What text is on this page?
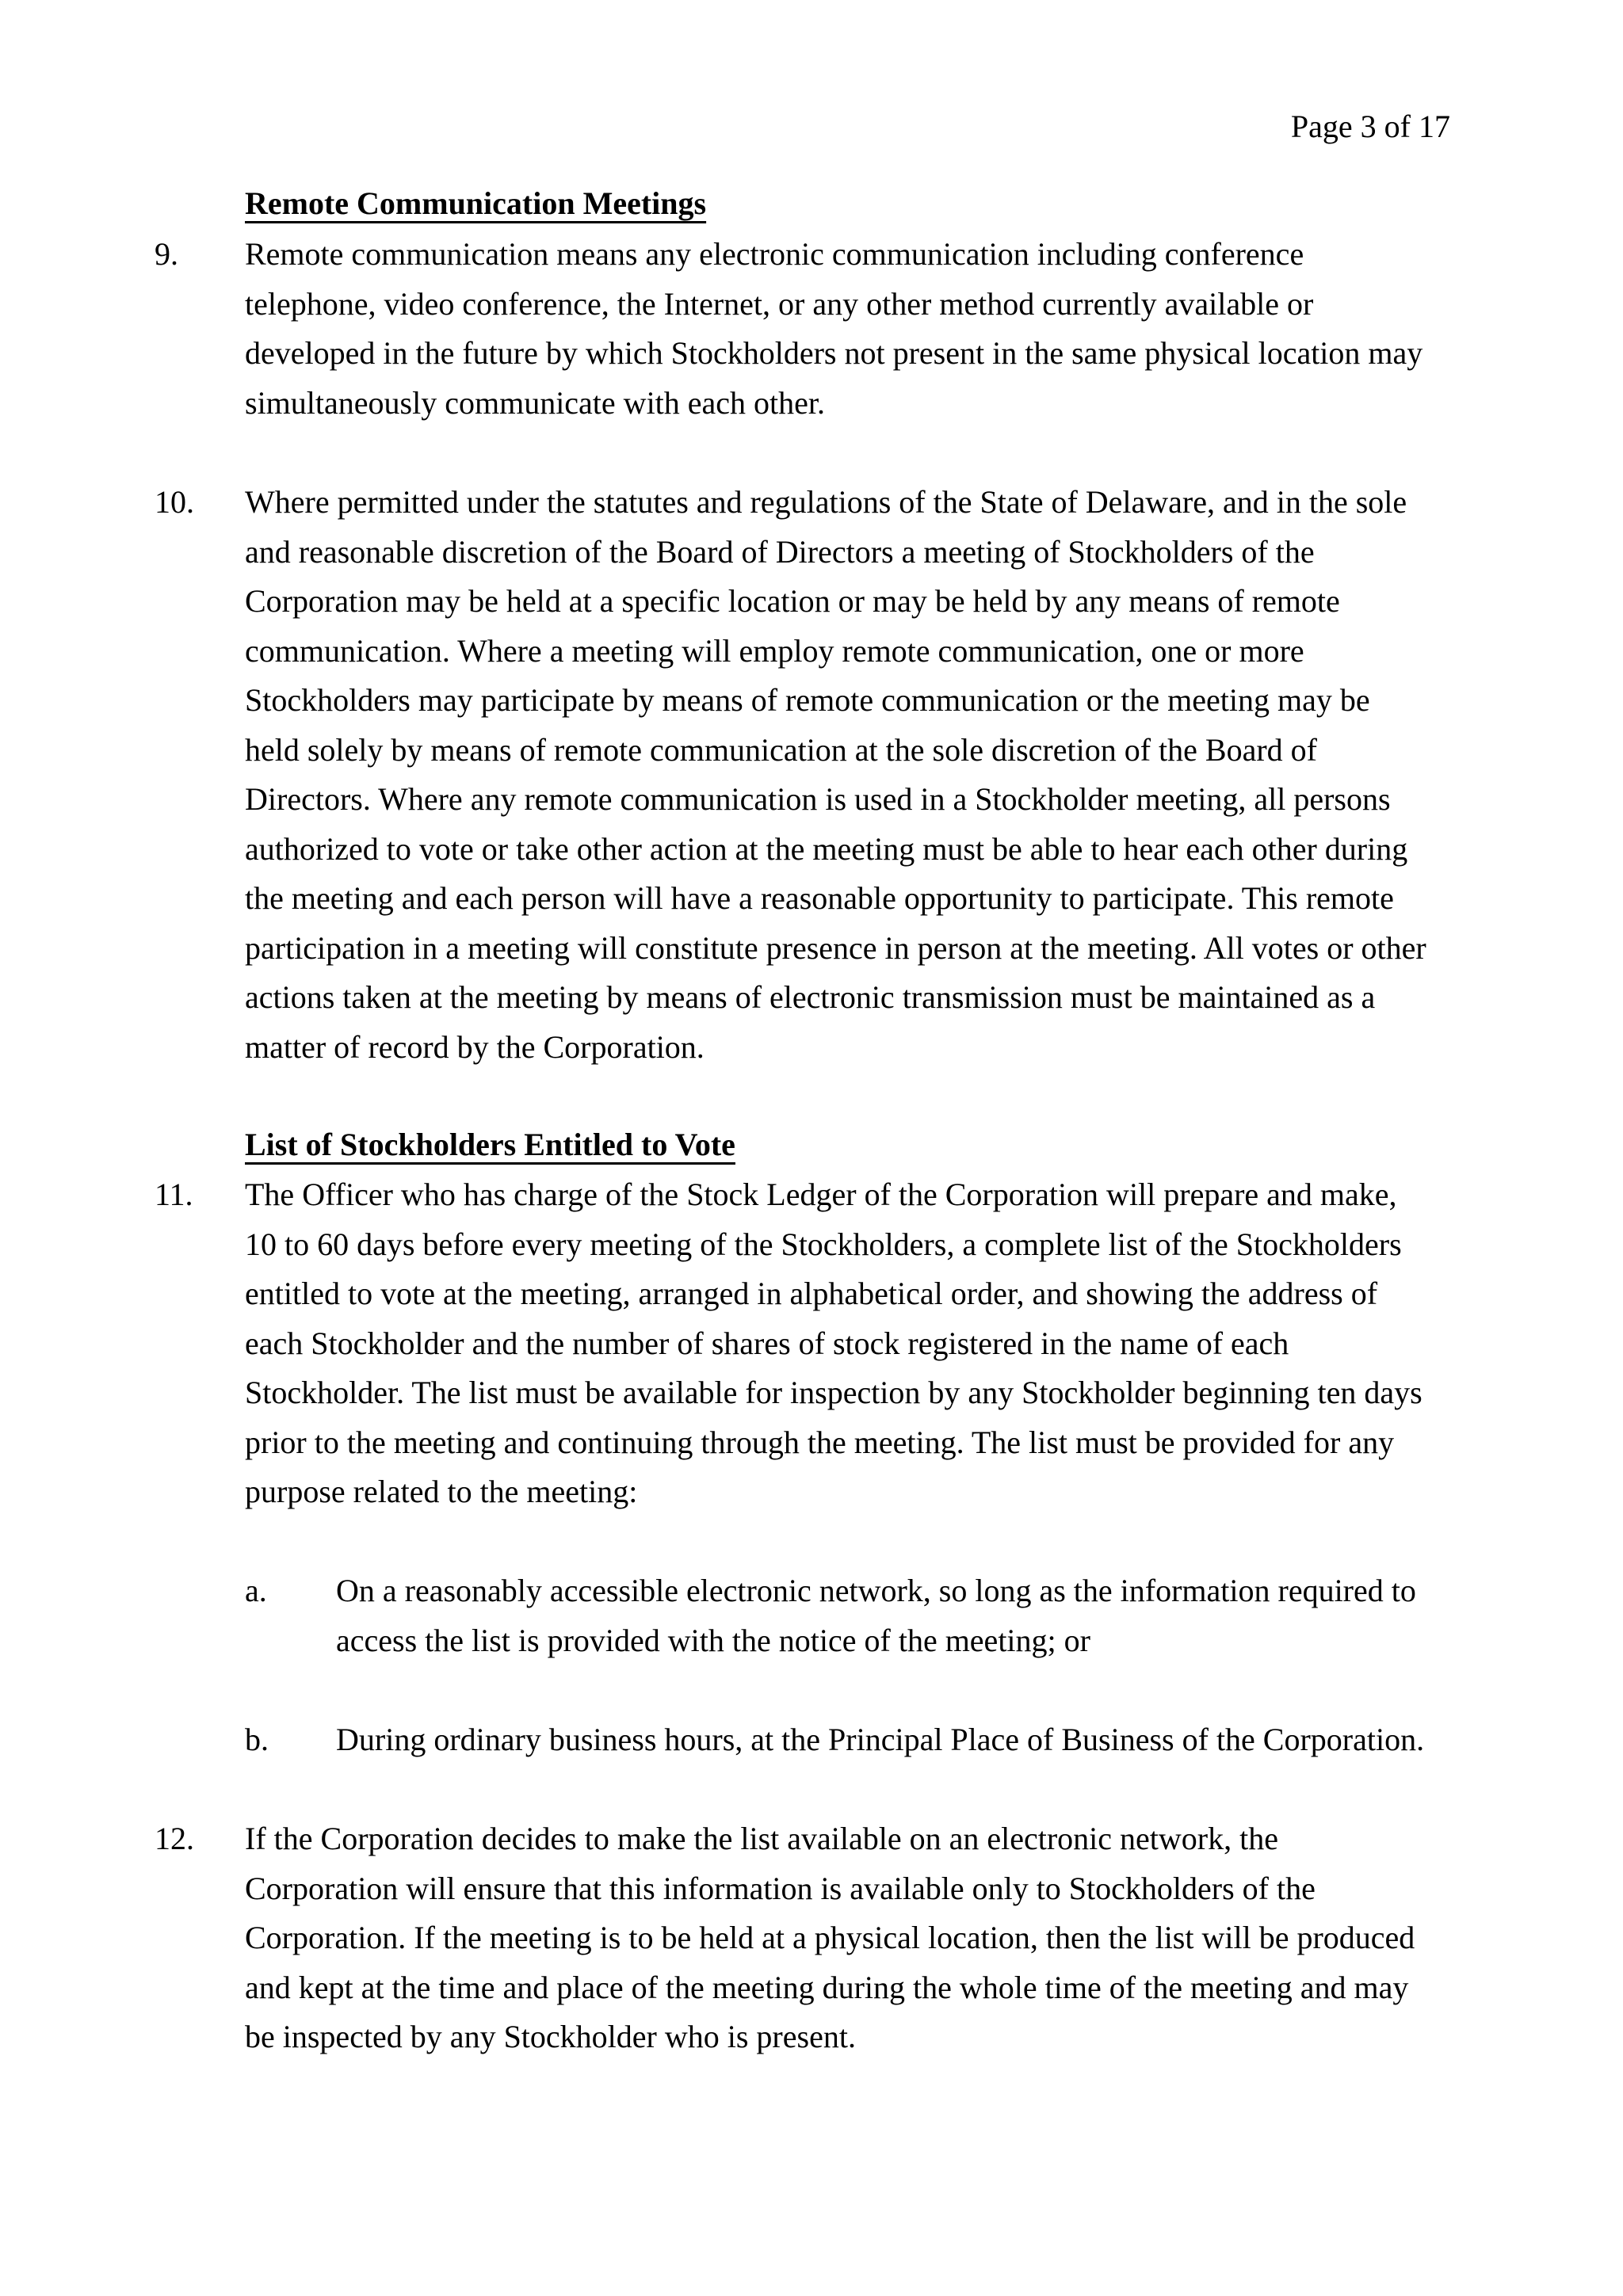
Page 3 of 17
Remote Communication Meetings
9. Remote communication means any electronic communication including conference
telephone, video conference, the Internet, or any other method currently available or
developed in the future by which Stockholders not present in the same physical location may
simultaneously communicate with each other.
10. Where permitted under the statutes and regulations of the State of Delaware, and in the sole
and reasonable discretion of the Board of Directors a meeting of Stockholders of the
Corporation may be held at a specific location or may be held by any means of remote
communication. Where a meeting will employ remote communication, one or more
Stockholders may participate by means of remote communication or the meeting may be
held solely by means of remote communication at the sole discretion of the Board of
Directors. Where any remote communication is used in a Stockholder meeting, all persons
authorized to vote or take other action at the meeting must be able to hear each other during
the meeting and each person will have a reasonable opportunity to participate. This remote
participation in a meeting will constitute presence in person at the meeting. All votes or other
actions taken at the meeting by means of electronic transmission must be maintained as a
matter of record by the Corporation.
List of Stockholders Entitled to Vote
11. The Officer who has charge of the Stock Ledger of the Corporation will prepare and make,
10 to 60 days before every meeting of the Stockholders, a complete list of the Stockholders
entitled to vote at the meeting, arranged in alphabetical order, and showing the address of
each Stockholder and the number of shares of stock registered in the name of each
Stockholder. The list must be available for inspection by any Stockholder beginning ten days
prior to the meeting and continuing through the meeting. The list must be provided for any
purpose related to the meeting:
a. On a reasonably accessible electronic network, so long as the information required to
access the list is provided with the notice of the meeting; or
b. During ordinary business hours, at the Principal Place of Business of the Corporation.
12. If the Corporation decides to make the list available on an electronic network, the
Corporation will ensure that this information is available only to Stockholders of the
Corporation. If the meeting is to be held at a physical location, then the list will be produced
and kept at the time and place of the meeting during the whole time of the meeting and may
be inspected by any Stockholder who is present.
